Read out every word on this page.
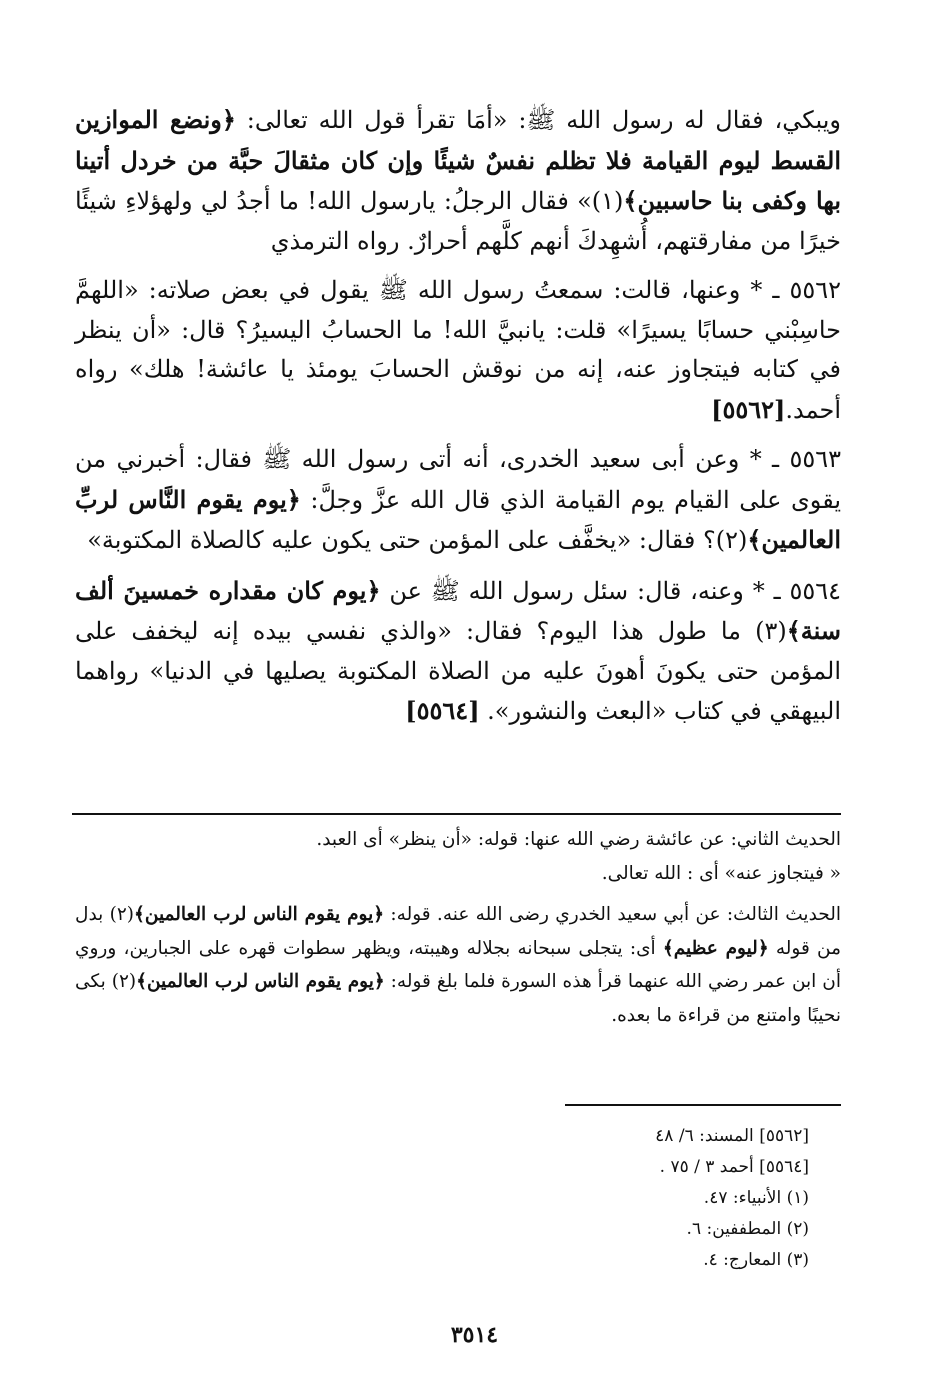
ويبكي، فقال له رسول الله ﷺ: «أمَا تقرأ قول الله تعالى: ﴿ونضع الموازين القسط ليوم القيامة فلا تظلم نفسٌ شيئًا وإن كان مثقالَ حبَّة من خردل أتينا بها وكفى بنا حاسبين﴾(١)» فقال الرجلُ: يارسول الله! ما أجدُ لي ولهؤلاءِ شيئًا خيرًا من مفارقتهم، أُشهِدكَ أنهم كلَّهم أحرارٌ. رواه الترمذي

٥٥٦٢ ـ * وعنها، قالت: سمعتُ رسول الله ﷺ يقول في بعض صلاته: «اللهمَّ حاسِبْني حسابًا يسيرًا» قلت: يانبيَّ الله! ما الحسابُ اليسيرُ؟ قال: «أن ينظر في كتابه فيتجاوز عنه، إنه من نوقش الحسابَ يومئذ يا عائشة! هلك» رواه أحمد.[٥٥٦٢]

٥٥٦٣ ـ * وعن أبى سعيد الخدرى، أنه أتى رسول الله ﷺ فقال: أخبرني من يقوى على القيام يوم القيامة الذي قال الله عزَّ وجلَّ: ﴿يوم يقوم النَّاس لربِّ العالمين﴾(٢)؟ فقال: «يخفَّف على المؤمن حتى يكون عليه كالصلاة المكتوبة»

٥٥٦٤ ـ * وعنه، قال: سئل رسول الله ﷺ عن ﴿يوم كان مقداره خمسينَ ألف سنة﴾(٣) ما طول هذا اليوم؟ فقال: «والذي نفسي بيده إنه ليخفف على المؤمن حتى يكونَ أهونَ عليه من الصلاة المكتوبة يصليها في الدنيا» رواهما البيهقي في كتاب «البعث والنشور». [٥٥٦٤]

الحديث الثاني: عن عائشة رضي الله عنها: قوله: «أن ينظر» أى العبد.

« فيتجاوز عنه» أى : الله تعالى.

الحديث الثالث: عن أبي سعيد الخدري رضى الله عنه. قوله: ﴿يوم يقوم الناس لرب العالمين﴾(٢) بدل من قوله ﴿ليوم عظيم﴾ أى: يتجلى سبحانه بجلاله وهيبته، ويظهر سطوات قهره على الجبارين، وروي أن ابن عمر رضي الله عنهما قرأ هذه السورة فلما بلغ قوله: ﴿يوم يقوم الناس لرب العالمين﴾(٢) بكى نحيبًا وامتنع من قراءة ما بعده.

[٥٥٦٢] المسند: ٦/ ٤٨
[٥٥٦٤] أحمد ٣ / ٧٥ .
(١) الأنبياء: ٤٧.
(٢) المطففين: ٦.
(٣) المعارج: ٤.
٣٥١٤
